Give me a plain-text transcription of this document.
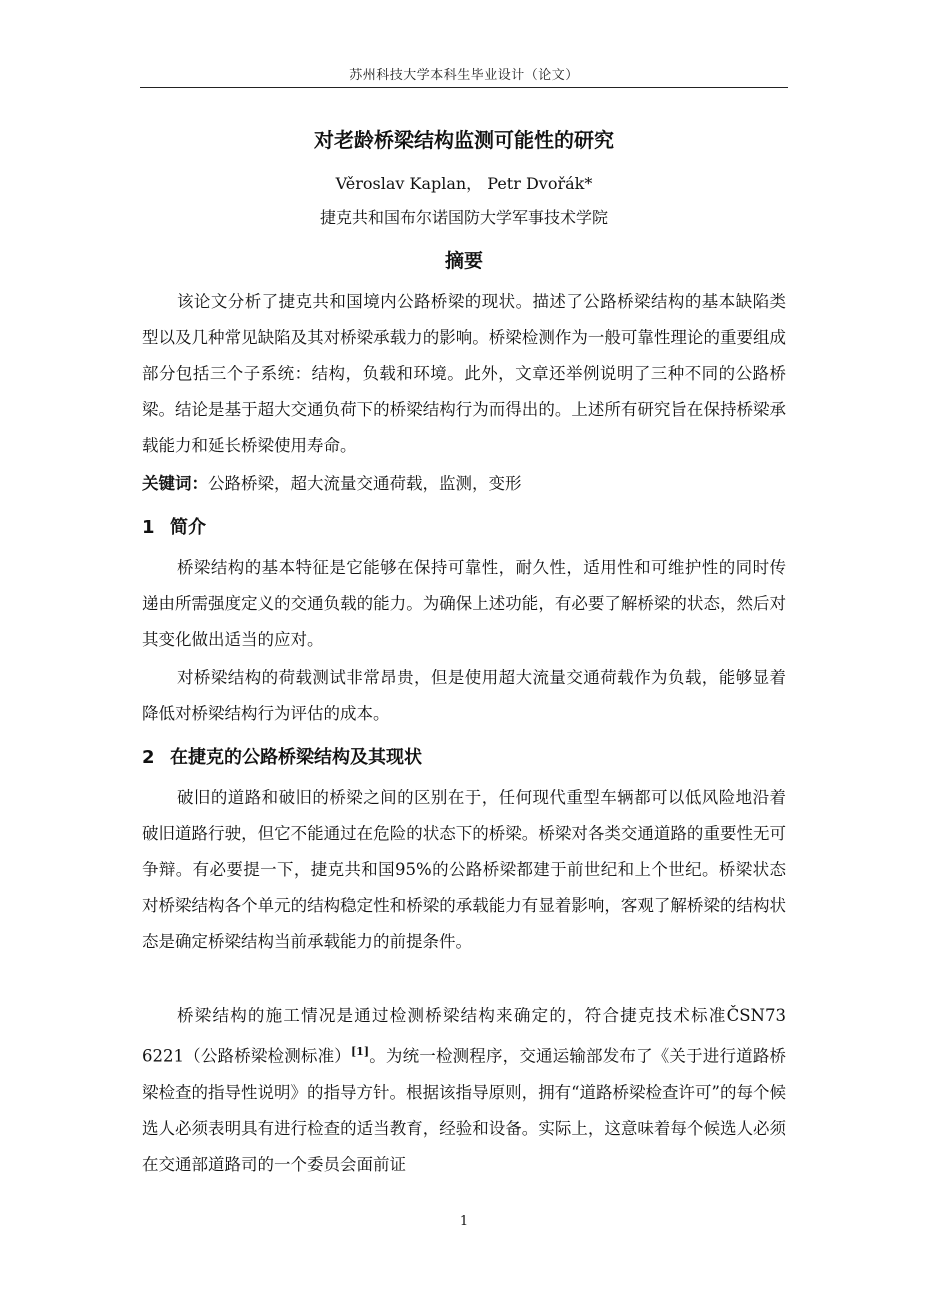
苏州科技大学本科生毕业设计（论文）
对老龄桥梁结构监测可能性的研究
Věroslav Kaplan， Petr Dvořák*
捷克共和国布尔诺国防大学军事技术学院
摘要

该论文分析了捷克共和国境内公路桥梁的现状。描述了公路桥梁结构的基本缺陷类型以及几种常见缺陷及其对桥梁承载力的影响。桥梁检测作为一般可靠性理论的重要组成部分包括三个子系统：结构，负载和环境。此外，文章还举例说明了三种不同的公路桥梁。结论是基于超大交通负荷下的桥梁结构行为而得出的。上述所有研究旨在保持桥梁承载能力和延长桥梁使用寿命。

关键词：公路桥梁，超大流量交通荷载，监测，变形
1 简介

桥梁结构的基本特征是它能够在保持可靠性，耐久性，适用性和可维护性的同时传递由所需强度定义的交通负载的能力。为确保上述功能，有必要了解桥梁的状态，然后对其变化做出适当的应对。

对桥梁结构的荷载测试非常昂贵，但是使用超大流量交通荷载作为负载，能够显着降低对桥梁结构行为评估的成本。

2 在捷克的公路桥梁结构及其现状

破旧的道路和破旧的桥梁之间的区别在于，任何现代重型车辆都可以低风险地沿着破旧道路行驶，但它不能通过在危险的状态下的桥梁。桥梁对各类交通道路的重要性无可争辩。有必要提一下，捷克共和国95%的公路桥梁都建于前世纪和上个世纪。桥梁状态对桥梁结构各个单元的结构稳定性和桥梁的承载能力有显着影响，客观了解桥梁的结构状态是确定桥梁结构当前承载能力的前提条件。

桥梁结构的施工情况是通过检测桥梁结构来确定的，符合捷克技术标准ČSN73 6221（公路桥梁检测标准）[1]。为统一检测程序，交通运输部发布了《关于进行道路桥梁检查的指导性说明》的指导方针。根据该指导原则，拥有“道路桥梁检查许可”的每个候选人必须表明具有进行检查的适当教育，经验和设备。实际上，这意味着每个候选人必须在交通部道路司的一个委员会面前证

1
